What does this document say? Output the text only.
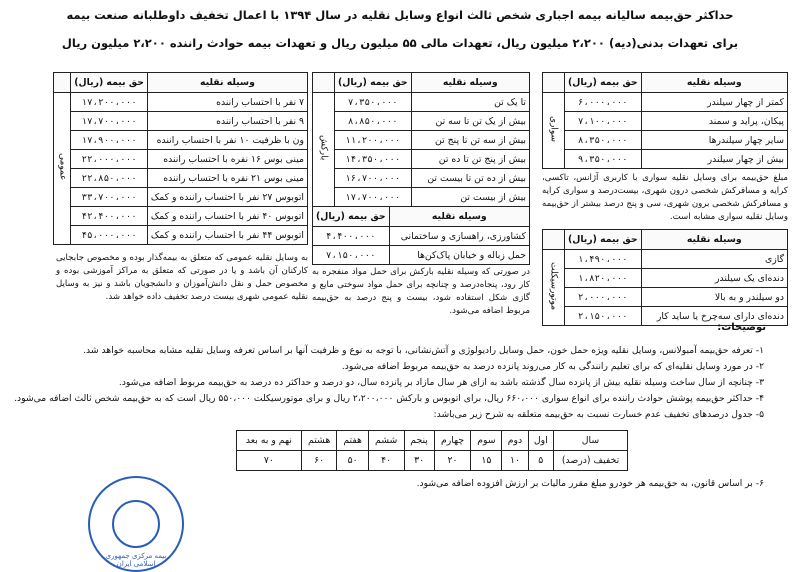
حداکثر حق‌بیمه سالیانه بیمه اجباری شخص ثالث انواع وسایل نقلیه در سال ۱۳۹۴ با اعمال تخفیف داوطلبانه صنعت بیمه
برای تعهدات بدنی(دیه) ۲،۲۰۰ میلیون ریال، تعهدات مالی ۵۵ میلیون ریال و تعهدات بیمه حوادث راننده ۲،۲۰۰ میلیون ریال
وسیله نقلیه	حق بیمه (ریال)	
کمتر از چهار سیلندر	۶،۰۰۰،۰۰۰	سواری
پیکان، پراید و سمند	۷،۱۰۰،۰۰۰	
سایر چهار سیلندرها	۸،۳۵۰،۰۰۰	
بیش از چهار سیلندر	۹،۳۵۰،۰۰۰	
مبلغ حق‌بیمه برای وسایل نقلیه سواری با کاربری آژانس، تاکسی، کرایه و مسافرکش شخصی درون شهری، بیست‌درصد و سواری کرایه و مسافرکش شخصی برون شهری، سی و پنج درصد بیشتر از حق‌بیمه وسایل نقلیه سواری مشابه است.
وسیله نقلیه	حق بیمه (ریال)	
گازی	۱،۴۹۰،۰۰۰	موتورسیکلت
دنده‌ای یک سیلندر	۱،۸۲۰،۰۰۰	
دو سیلندر و به بالا	۲،۰۰۰،۰۰۰	
دنده‌ای دارای سه‌چرخ یا ساید کار	۲،۱۵۰،۰۰۰	
وسیله نقلیه	حق بیمه (ریال)	
تا یک تن	۷،۳۵۰،۰۰۰	بارکش
بیش از یک تن تا سه تن	۸،۸۵۰،۰۰۰	
بیش از سه تن تا پنج تن	۱۱،۲۰۰،۰۰۰	
بیش از پنج تن تا ده تن	۱۴،۳۵۰،۰۰۰	
بیش از ده تن تا بیست تن	۱۶،۷۰۰،۰۰۰	
بیش از بیست تن	۱۷،۷۰۰،۰۰۰	
وسیله نقلیه	حق بیمه (ریال)
کشاورزی، راهسازی و ساختمانی	۴،۴۰۰،۰۰۰
حمل زباله و خیابان پاک‌کن‌ها	۷،۱۵۰،۰۰۰
در صورتی که وسیله نقلیه بارکش برای حمل مواد منفجره به کار رود، پنجاه‌درصد و چنانچه برای حمل مواد سوختی مایع و گازی شکل استفاده شود، بیست و پنج درصد به حق‌بیمه مربوط اضافه می‌شود.
وسیله نقلیه	حق بیمه (ریال)	
۷ نفر با احتساب راننده	۱۷،۲۰۰،۰۰۰	عمومی
۹ نفر با احتساب راننده	۱۷،۷۰۰،۰۰۰	
ون با ظرفیت ۱۰ نفر با احتساب راننده	۱۷،۹۰۰،۰۰۰	
مینی بوس ۱۶ نفره با احتساب راننده	۲۲،۰۰۰،۰۰۰	
مینی بوس ۲۱ نفره با احتساب راننده	۲۲،۸۵۰،۰۰۰	
اتوبوس ۲۷ نفر با احتساب راننده و کمک	۳۳،۷۰۰،۰۰۰	
اتوبوس ۴۰ نفر با احتساب راننده و کمک	۴۲،۴۰۰،۰۰۰	
اتوبوس ۴۴ نفر با احتساب راننده و کمک	۴۵،۰۰۰،۰۰۰	
به وسایل نقلیه عمومی که متعلق به بیمه‌گذار بوده و مخصوص جابجایی کارکنان آن باشد و یا در صورتی که متعلق به مراکز آموزشی بوده و مخصوص حمل و نقل دانش‌آموزان و دانشجویان باشد و نیز به وسایل نقلیه عمومی شهری بیست درصد تخفیف داده خواهد شد.
توضیحات:
۱- تعرفه حق‌بیمه آمبولانس، وسایل نقلیه ویژه حمل خون، حمل وسایل رادیولوژی و آتش‌نشانی، با توجه به نوع و ظرفیت آنها بر اساس تعرفه وسایل نقلیه مشابه محاسبه خواهد شد.
۲- در مورد وسایل نقلیه‌ای که برای تعلیم رانندگی به کار می‌روند پانزده درصد به حق‌بیمه مربوط اضافه می‌شود.
۳- چنانچه از سال ساخت وسیله نقلیه بیش از پانزده سال گذشته باشد به ازای هر سال مازاد بر پانزده سال، دو درصد و حداکثر ده درصد به حق‌بیمه مربوط اضافه می‌شود.
۴- حداکثر حق‌بیمه پوشش حوادث راننده برای انواع سواری ۶۶۰،۰۰۰ ریال، برای اتوبوس و بارکش ۲،۲۰۰،۰۰۰ ریال و برای موتورسیکلت ۵۵۰،۰۰۰ ریال است که به حق‌بیمه شخص ثالث اضافه می‌شود.
۵- جدول درصدهای تخفیف عدم خسارت نسبت به حق‌بیمه متعلقه به شرح زیر می‌باشد:
سال	اول	دوم	سوم	چهارم	پنجم	ششم	هفتم	هشتم	نهم و به بعد
تخفیف (درصد)	۵	۱۰	۱۵	۲۰	۳۰	۴۰	۵۰	۶۰	۷۰
۶- بر اساس قانون، به حق‌بیمه هر خودرو مبلغ مقرر مالیات بر ارزش افزوده اضافه می‌شود.
بیمه مرکزی جمهوری اسلامی ایران
